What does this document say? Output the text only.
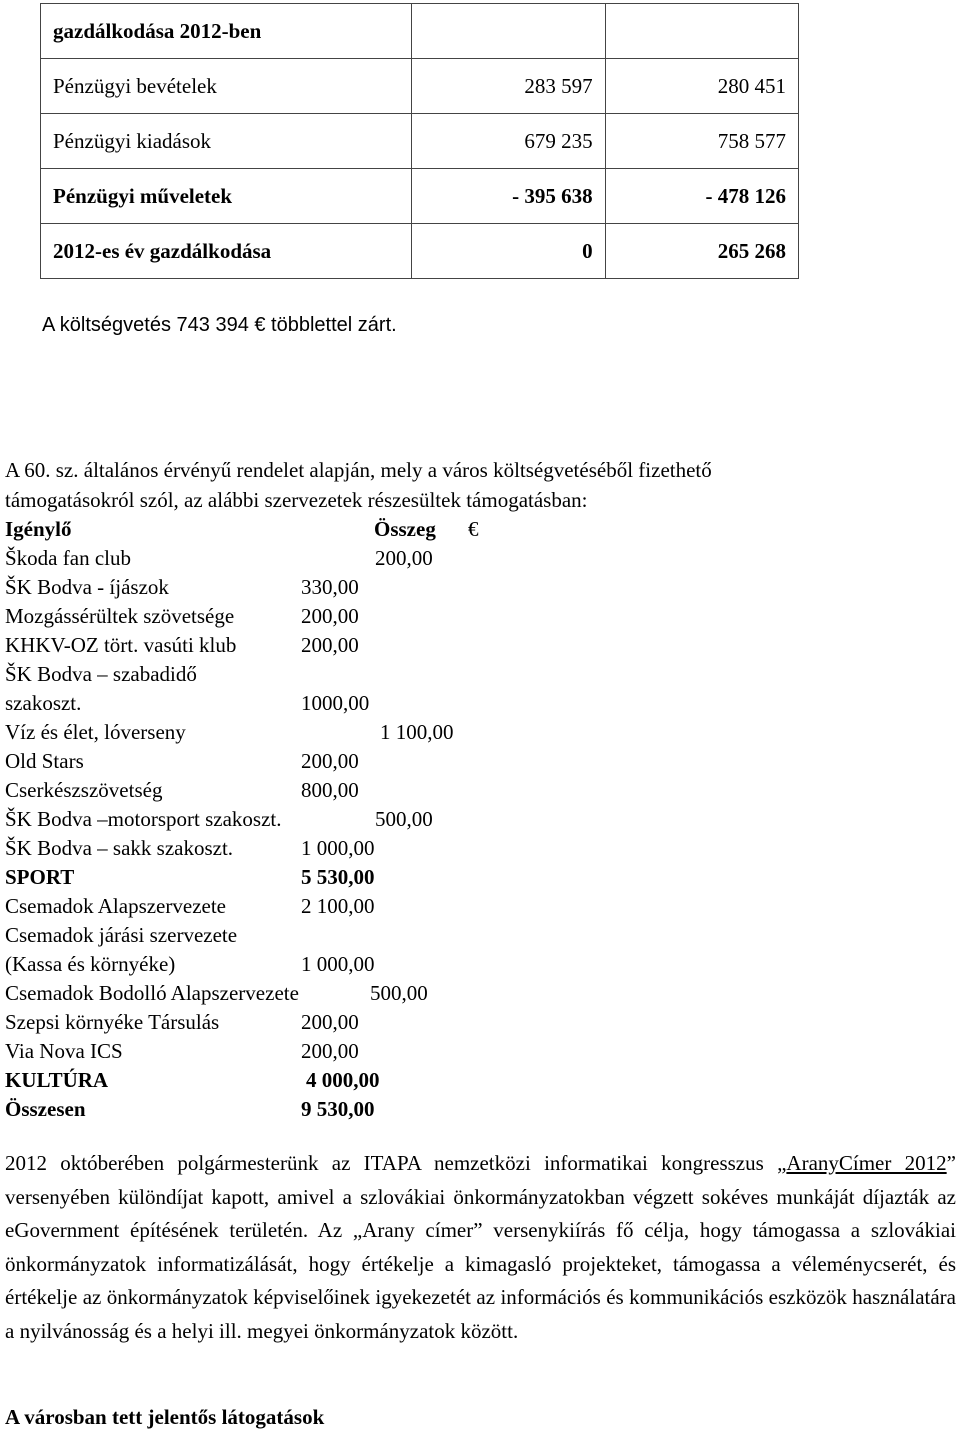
gazdálkodása 2012-ben		
Pénzügyi bevételek	283 597	280 451
Pénzügyi kiadások	679 235	758 577
Pénzügyi műveletek	- 395 638	- 478 126
2012-es év gazdálkodása	0	265 268
A költségvetés 743 394 € többlettel zárt.
A 60. sz. általános érvényű rendelet alapján, mely a város költségvetéséből fizethető
támogatásokról szól, az alábbi szervezetek részesültek támogatásban:
Igénylő	Összeg €
Škoda fan club	200,00
ŠK Bodva - íjászok	330,00
Mozgássérültek szövetsége	200,00
KHKV-OZ tört. vasúti klub	200,00
ŠK Bodva – szabadidő
szakoszt.	1000,00
Víz és élet, lóverseny	1 100,00
Old Stars	200,00
Cserkészszövetség	800,00
ŠK Bodva –motorsport szakoszt.	500,00
ŠK Bodva – sakk szakoszt.	1 000,00
SPORT	5 530,00
Csemadok Alapszervezete	2 100,00
Csemadok járási szervezete
(Kassa és környéke)	1 000,00
Csemadok Bodolló Alapszervezete	500,00
Szepsi környéke Társulás	200,00
Via Nova ICS	200,00
KULTÚRA	4 000,00
Összesen	9 530,00
2012 októberében polgármesterünk az ITAPA nemzetközi informatikai kongresszus „AranyCímer 2012” versenyében különdíjat kapott, amivel a szlovákiai önkormányzatokban végzett sokéves munkáját díjazták az eGovernment építésének területén. Az „Arany címer” versenykiírás fő célja, hogy támogassa a szlovákiai önkormányzatok informatizálását, hogy értékelje a kimagasló projekteket, támogassa a véleménycserét, és értékelje az önkormányzatok képviselőinek igyekezetét az információs és kommunikációs eszközök használatára a nyilvánosság és a helyi ill. megyei önkormányzatok között.
A városban tett jelentős látogatások
